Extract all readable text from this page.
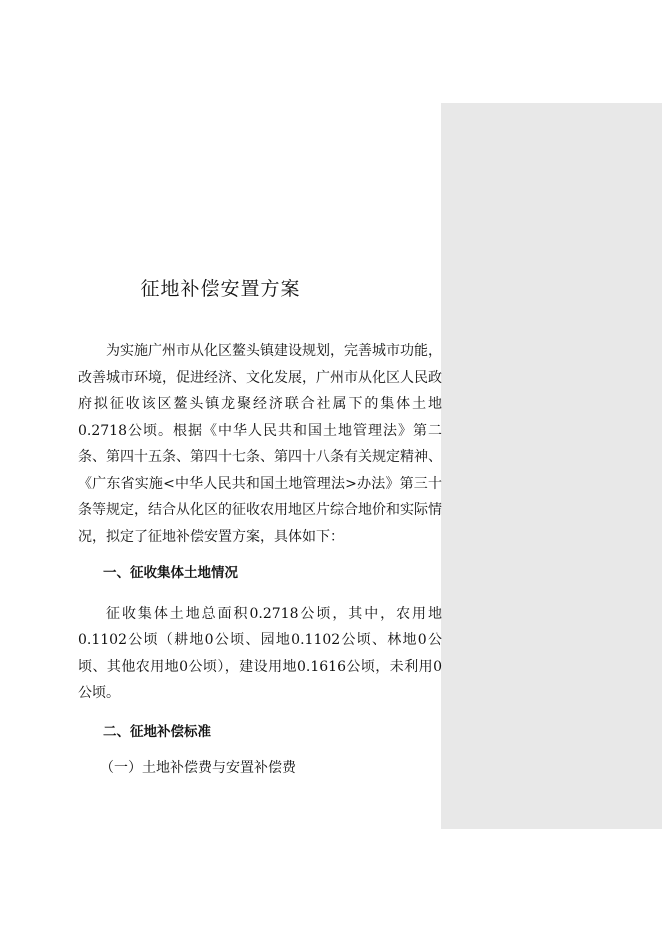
征地补偿安置方案

为实施广州市从化区鳌头镇建设规划，完善城市功能，改善城市环境，促进经济、文化发展，广州市从化区人民政府拟征收该区鳌头镇龙聚经济联合社属下的集体土地0.2718公顷。根据《中华人民共和国土地管理法》第二条、第四十五条、第四十七条、第四十八条有关规定精神、《广东省实施<中华人民共和国土地管理法>办法》第三十条等规定，结合从化区的征收农用地区片综合地价和实际情况，拟定了征地补偿安置方案，具体如下：

一、征收集体土地情况

征收集体土地总面积0.2718公顷，其中，农用地0.1102公顷（耕地0公顷、园地0.1102公顷、林地0公顷、其他农用地0公顷），建设用地0.1616公顷，未利用0公顷。

二、征地补偿标准

（一）土地补偿费与安置补偿费
